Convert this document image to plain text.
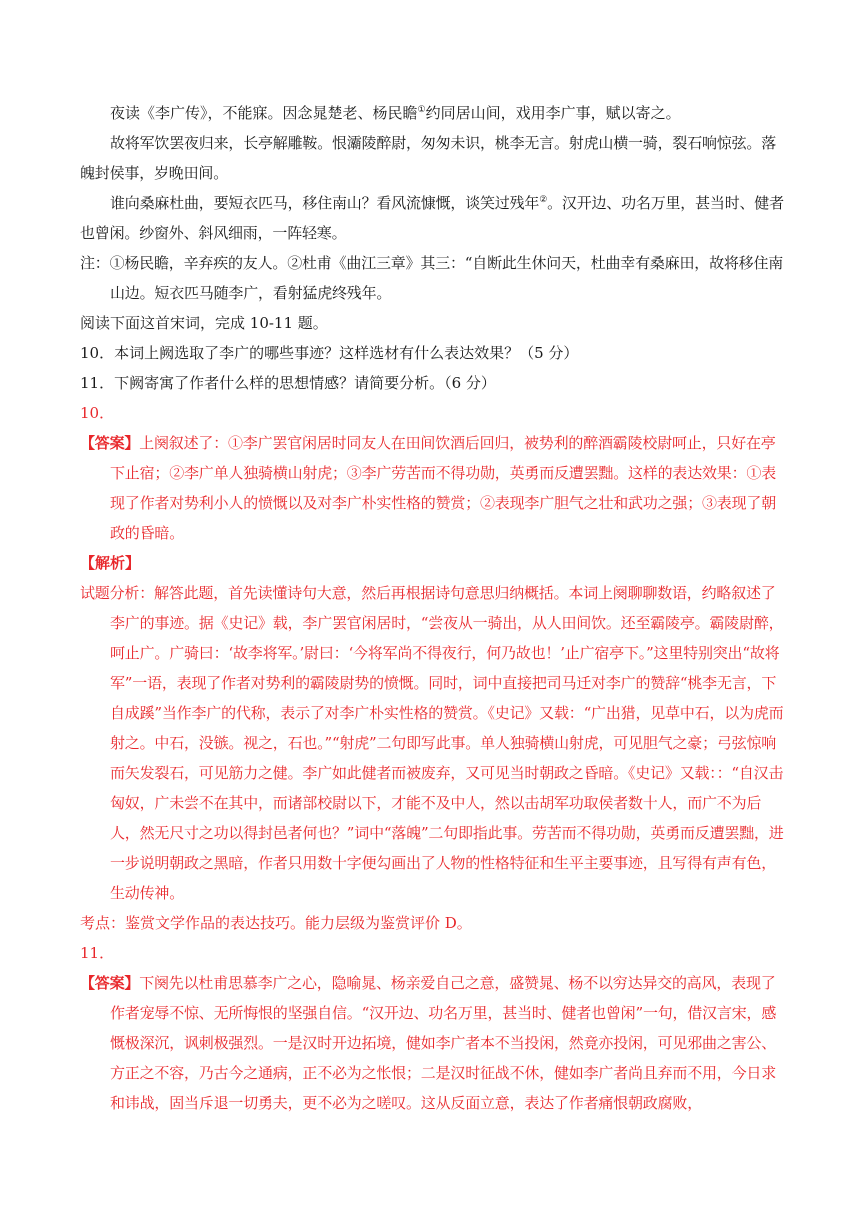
夜读《李广传》，不能寐。因念晁楚老、杨民瞻①约同居山间，戏用李广事，赋以寄之。

故将军饮罢夜归来，长亭解雕鞍。恨灞陵醉尉，匆匆未识，桃李无言。射虎山横一骑，裂石响惊弦。落魄封侯事，岁晚田间。

谁向桑麻杜曲，要短衣匹马，移住南山？看风流慷慨，谈笑过残年②。汉开边、功名万里，甚当时、健者也曾闲。纱窗外、斜风细雨，一阵轻寒。

注：①杨民瞻，辛弃疾的友人。②杜甫《曲江三章》其三：“自断此生休问天，杜曲幸有桑麻田，故将移住南山边。短衣匹马随李广，看射猛虎终残年。

阅读下面这首宋词，完成 10-11 题。

10．本词上阙选取了李广的哪些事迹？这样选材有什么表达效果？（5 分）

11．下阙寄寓了作者什么样的思想情感？请简要分析。（6 分）

10．

【答案】上阕叙述了：①李广罢官闲居时同友人在田间饮酒后回归，被势利的醉酒霸陵校尉呵止，只好在亭下止宿；②李广单人独骑横山射虎；③李广劳苦而不得功勋，英勇而反遭罢黜。这样的表达效果：①表现了作者对势利小人的愤慨以及对李广朴实性格的赞赏；②表现李广胆气之壮和武功之强；③表现了朝政的昏暗。

【解析】

试题分析：解答此题，首先读懂诗句大意，然后再根据诗句意思归纳概括。本词上阕聊聊数语，约略叙述了李广的事迹。据《史记》载，李广罢官闲居时，“尝夜从一骑出，从人田间饮。还至霸陵亭。霸陵尉醉，呵止广。广骑曰：‘故李将军。’尉曰：‘今将军尚不得夜行，何乃故也！’止广宿亭下。”这里特别突出“故将军”一语，表现了作者对势利的霸陵尉势的愤慨。同时，词中直接把司马迁对李广的赞辞“桃李无言，下自成蹊”当作李广的代称，表示了对李广朴实性格的赞赏。《史记》又载：“广出猎，见草中石，以为虎而射之。中石，没镞。视之，石也。”“射虎”二句即写此事。单人独骑横山射虎，可见胆气之豪；弓弦惊响而矢发裂石，可见筋力之健。李广如此健者而被废弃，又可见当时朝政之昏暗。《史记》又载：：“自汉击匈奴，广未尝不在其中，而诸部校尉以下，才能不及中人，然以击胡军功取侯者数十人，而广不为后人，然无尺寸之功以得封邑者何也？”词中“落魄”二句即指此事。劳苦而不得功勋，英勇而反遭罢黜，进一步说明朝政之黑暗，作者只用数十字便勾画出了人物的性格特征和生平主要事迹，且写得有声有色，生动传神。

考点：鉴赏文学作品的表达技巧。能力层级为鉴赏评价 D。

11．

【答案】下阕先以杜甫思慕李广之心，隐喻晁、杨亲爱自己之意，盛赞晁、杨不以穷达异交的高风，表现了作者宠辱不惊、无所悔恨的坚强自信。“汉开边、功名万里，甚当时、健者也曾闲”一句，借汉言宋，感慨极深沉，讽刺极强烈。一是汉时开边拓境，健如李广者本不当投闲，然竟亦投闲，可见邪曲之害公、方正之不容，乃古今之通病，正不必为之怅恨；二是汉时征战不休，健如李广者尚且弃而不用，今日求和讳战，固当斥退一切勇夫，更不必为之嗟叹。这从反面立意，表达了作者痛恨朝政腐败，
